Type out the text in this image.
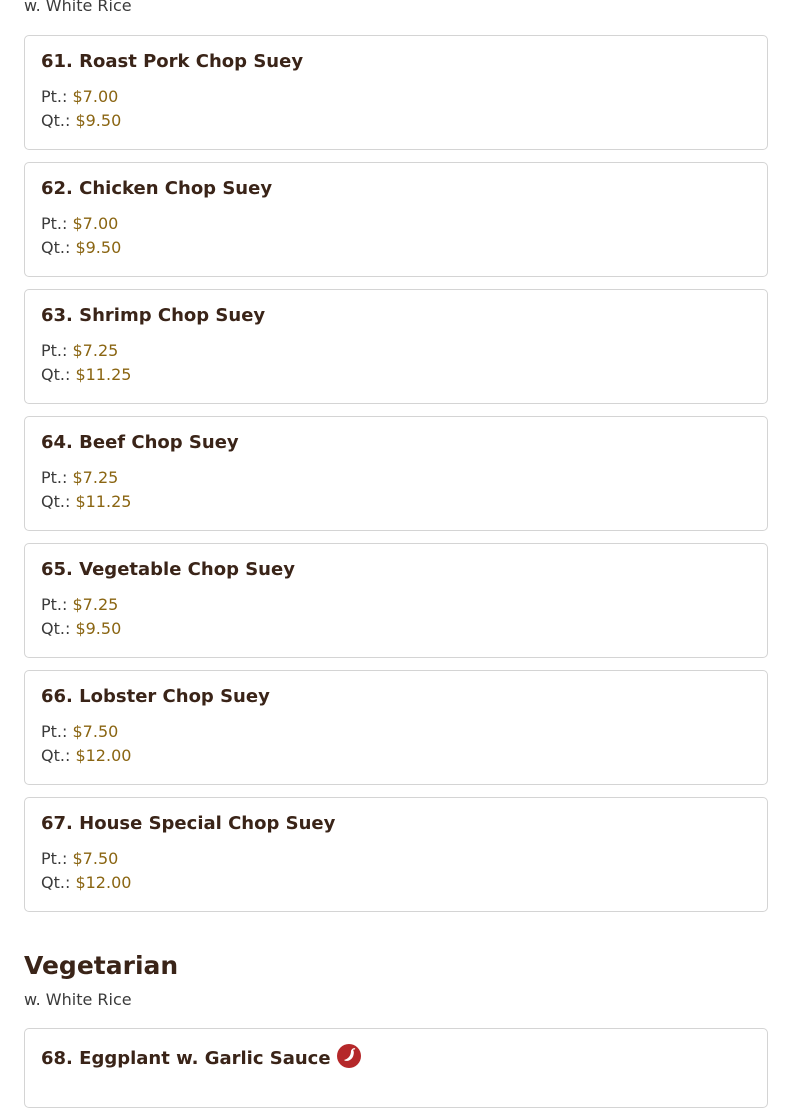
w. White Rice
61. Roast Pork Chop Suey
Pt.: $7.00
Qt.: $9.50
62. Chicken Chop Suey
Pt.: $7.00
Qt.: $9.50
63. Shrimp Chop Suey
Pt.: $7.25
Qt.: $11.25
64. Beef Chop Suey
Pt.: $7.25
Qt.: $11.25
65. Vegetable Chop Suey
Pt.: $7.25
Qt.: $9.50
66. Lobster Chop Suey
Pt.: $7.50
Qt.: $12.00
67. House Special Chop Suey
Pt.: $7.50
Qt.: $12.00
Vegetarian
w. White Rice
68. Eggplant w. Garlic Sauce
